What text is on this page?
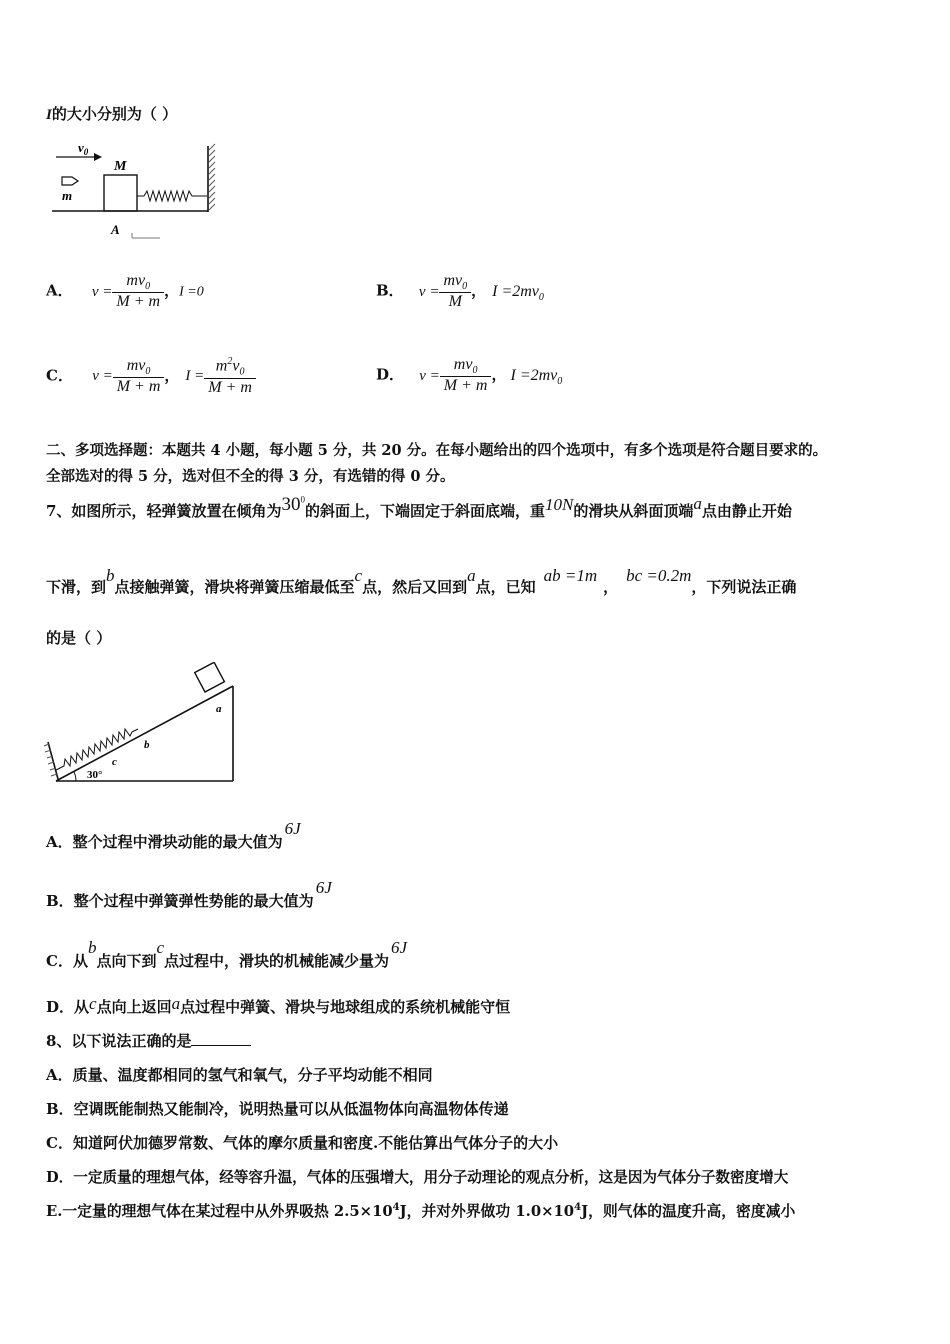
I的大小分别为（ ）
$v_0$
m
M
A
A． $v = \frac{mv_0}{M + m}$ ，I =0	B． $v = \frac{mv_0}{M}$ ， $I =2mv_0$
C． $v = \frac{mv_0}{M + m}$ ， $I = \frac{m^2v_0}{M + m}$	D． $v = \frac{mv_0}{M + m}$ ， $I =2mv_0$
二、多项选择题：本题共 4 小题，每小题 5 分，共 20 分。在每小题给出的四个选项中，有多个选项是符合题目要求的。
全部选对的得 5 分，选对但不全的得 3 分，有选错的得 0 分。
7、如图所示，轻弹簧放置在倾角为$30^0$的斜面上，下端固定于斜面底端，重10N的滑块从斜面顶端a点由静止开始
下滑，到b点接触弹簧，滑块将弹簧压缩最低至c点，然后又回到a点，已知ab =1m，bc =0.2m，下列说法正确
的是（ ）
30°
c
b
a
A．整个过程中滑块动能的最大值为6J
B．整个过程中弹簧弹性势能的最大值为6J
C．从b点向下到c点过程中，滑块的机械能减少量为6J
D．从c点向上返回a点过程中弹簧、滑块与地球组成的系统机械能守恒
8、以下说法正确的是
A．质量、温度都相同的氢气和氧气，分子平均动能不相同
B．空调既能制热又能制冷，说明热量可以从低温物体向高温物体传递
C．知道阿伏加德罗常数、气体的摩尔质量和密度.不能估算出气体分子的大小
D．一定质量的理想气体，经等容升温，气体的压强增大，用分子动理论的观点分析，这是因为气体分子数密度增大
E.一定量的理想气体在某过程中从外界吸热 $2.5\times 10^4J$，并对外界做功 $1.0\times 10^4J$，则气体的温度升高，密度减小
